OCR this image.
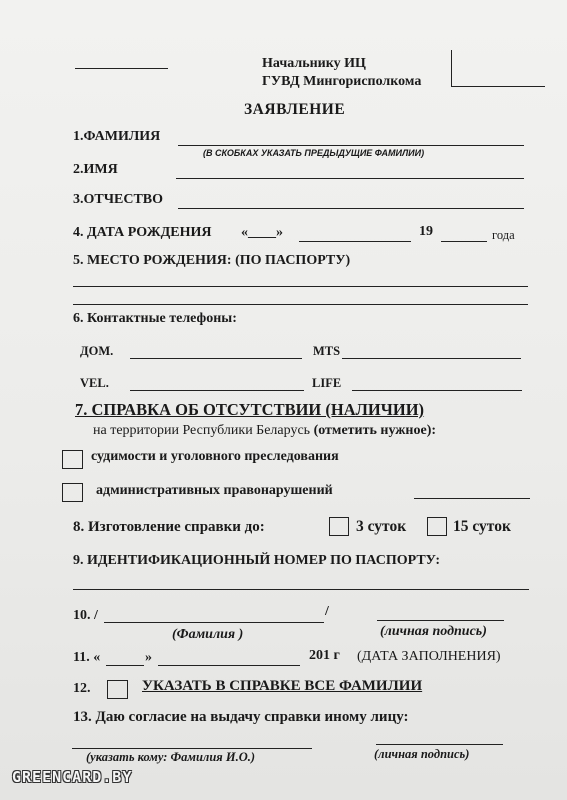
Начальнику ИЦ
ГУВД Мингорисполкома
ЗАЯВЛЕНИЕ
1.ФАМИЛИЯ
(В СКОБКАХ УКАЗАТЬ ПРЕДЫДУЩИЕ ФАМИЛИИ)
2.ИМЯ
3.ОТЧЕСТВО
4. ДАТА РОЖДЕНИЯ «____»	19	года
5. МЕСТО РОЖДЕНИЯ: (ПО ПАСПОРТУ)
6. Контактные телефоны:
ДОМ.	MTS
VEL.	LIFE
7. СПРАВКА ОБ ОТСУТСТВИИ (НАЛИЧИИ)
на территории Республики Беларусь (отметить нужное):
судимости и уголовного преследования
административных правонарушений
8. Изготовление справки до:	3 суток	15 суток
9. ИДЕНТИФИКАЦИОННЫЙ НОМЕР ПО ПАСПОРТУ:
10. /	/
(Фамилия )	(личная подпись)
11. «	»	201 г (ДАТА ЗАПОЛНЕНИЯ)
12.	УКАЗАТЬ В СПРАВКЕ ВСЕ ФАМИЛИИ
13. Даю согласие на выдачу справки иному лицу:
(указать кому: Фамилия И.О.)	(личная подпись)
GREENCARD.BY
